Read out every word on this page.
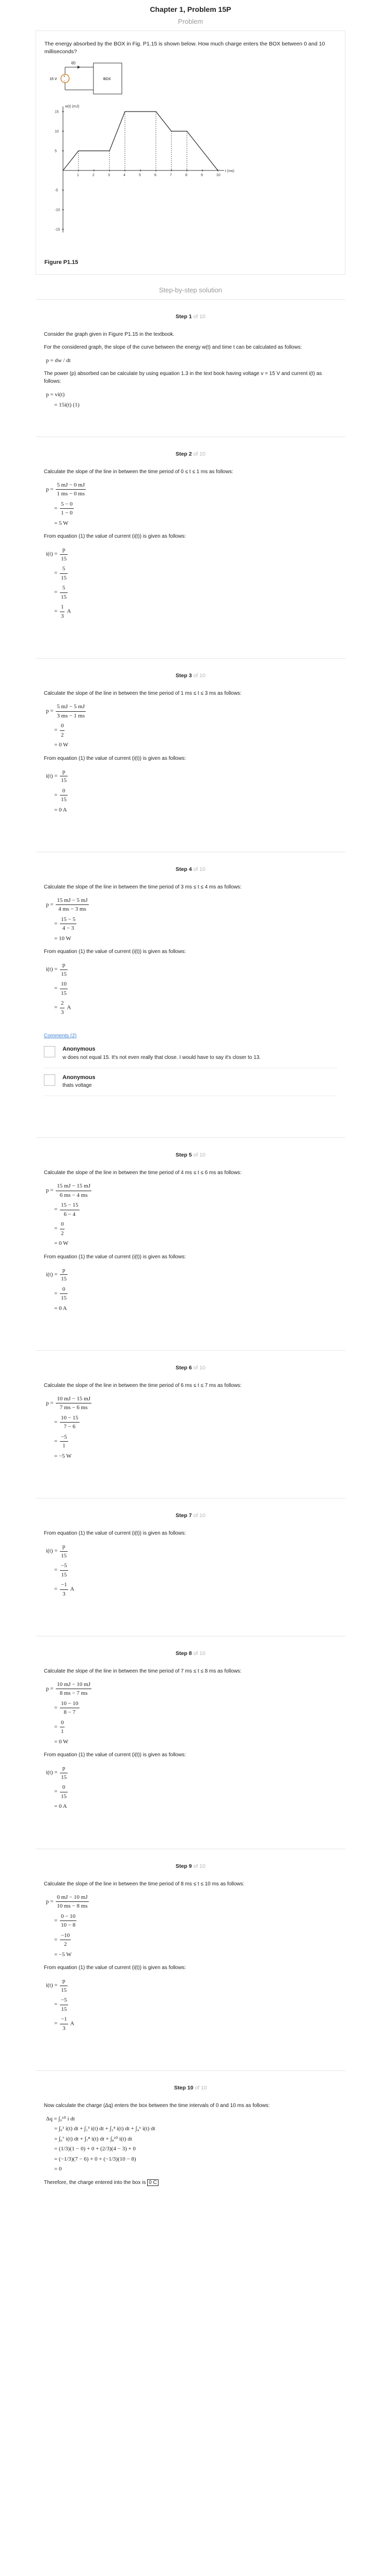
Chapter 1, Problem 15P
Problem

The energy absorbed by the BOX in Fig. P1.15 is shown below. How much charge enters the BOX between 0 and 10 milliseconds?

i(t)
+
-
15 V	BOX

w(t) (mJ)
t (ms)
1	2	3	4	5	6	7	8	9	10
15
10
5
-5
-10
-15
Figure P1.15
Step-by-step solution
Step 1 of 10

Consider the graph given in Figure P1.15 in the textbook.

For the considered graph, the slope of the curve between the energy w(t) and time t can be calculated as follows:

p = dw / dt

The power (p) absorbed can be calculate by using equation 1.3 in the text book having voltage v = 15 V and current i(t) as follows:

p = vi(t)
= 15i(t) (1)
Step 2 of 10

Calculate the slope of the line in between the time period of 0 ≤ t ≤ 1 ms as follows:

$p = \frac{5 mJ - 0 mJ}{1 ms - 0 ms}$
= $\frac{5 - 0}{1 - 0}$
= 5 W

From equation (1) the value of current (i(t)) is given as follows:

$i(t) = \frac{p}{15}$
= $\frac{5}{15}$
= $\frac{5}{15}$
= $\frac{1}{3}$ A
Step 3 of 10

Calculate the slope of the line in between the time period of 1 ms ≤ t ≤ 3 ms as follows:

$p = \frac{5 mJ - 5 mJ}{3 ms - 1 ms}$
= $\frac{0}{2}$
= 0 W

From equation (1) the value of current (i(t)) is given as follows:

$i(t) = \frac{p}{15}$
= $\frac{0}{15}$
= 0 A
Step 4 of 10

Calculate the slope of the line in between the time period of 3 ms ≤ t ≤ 4 ms as follows:

$p = \frac{15 mJ - 5 mJ}{4 ms - 3 ms}$
= $\frac{15 - 5}{4 - 3}$
= 10 W

From equation (1) the value of current (i(t)) is given as follows:

$i(t) = \frac{p}{15}$
= $\frac{10}{15}$
= $\frac{2}{3}$ A
Comments (2)
Anonymous
w does not equal 15. It's not even really that close. I would have to say it's closer to 13.
Anonymous
thats voltage
Step 5 of 10

Calculate the slope of the line in between the time period of 4 ms ≤ t ≤ 6 ms as follows:

$p = \frac{15 mJ - 15 mJ}{6 ms - 4 ms}$
= $\frac{15 - 15}{6 - 4}$
= $\frac{0}{2}$
= 0 W

From equation (1) the value of current (i(t)) is given as follows:

$i(t) = \frac{p}{15}$
= $\frac{0}{15}$
= 0 A
Step 6 of 10

Calculate the slope of the line in between the time period of 6 ms ≤ t ≤ 7 ms as follows:

$p = \frac{10 mJ - 15 mJ}{7 ms - 6 ms}$
= $\frac{10 - 15}{7 - 6}$
= $\frac{-5}{1}$
= −5 W
Step 7 of 10

From equation (1) the value of current (i(t)) is given as follows:

$i(t) = \frac{p}{15}$
= $\frac{-5}{15}$
= $\frac{-1}{3}$ A
Step 8 of 10

Calculate the slope of the line in between the time period of 7 ms ≤ t ≤ 8 ms as follows:

$p = \frac{10 mJ - 10 mJ}{8 ms - 7 ms}$
= $\frac{10 - 10}{8 - 7}$
= $\frac{0}{1}$
= 0 W

From equation (1) the value of current (i(t)) is given as follows:

$i(t) = \frac{p}{15}$
= $\frac{0}{15}$
= 0 A
Step 9 of 10

Calculate the slope of the line in between the time period of 8 ms ≤ t ≤ 10 ms as follows:

$p = \frac{0 mJ - 10 mJ}{10 ms - 8 ms}$
= $\frac{0 - 10}{10 - 8}$
= $\frac{-10}{2}$
= −5 W

From equation (1) the value of current (i(t)) is given as follows:

$i(t) = \frac{p}{15}$
= $\frac{-5}{15}$
= $\frac{-1}{3}$ A
Step 10 of 10

Now calculate the charge (Δq) enters the box between the time intervals of 0 and 10 ms as follows:

Δq = ∫₀¹⁰ i dt
= ∫₀¹ i(t) dt + ∫₁³ i(t) dt + ∫₃⁴ i(t) dt + ∫₄⁶ i(t) dt
= ∫₆⁷ i(t) dt + ∫₇⁸ i(t) dt + ∫₈¹⁰ i(t) dt
= (1/3)(1 − 0) + 0 + (2/3)(4 − 3) + 0
= (−1/3)(7 − 6) + 0 + (−1/3)(10 − 8)
= 0

Therefore, the charge entered into the box is 0 C
